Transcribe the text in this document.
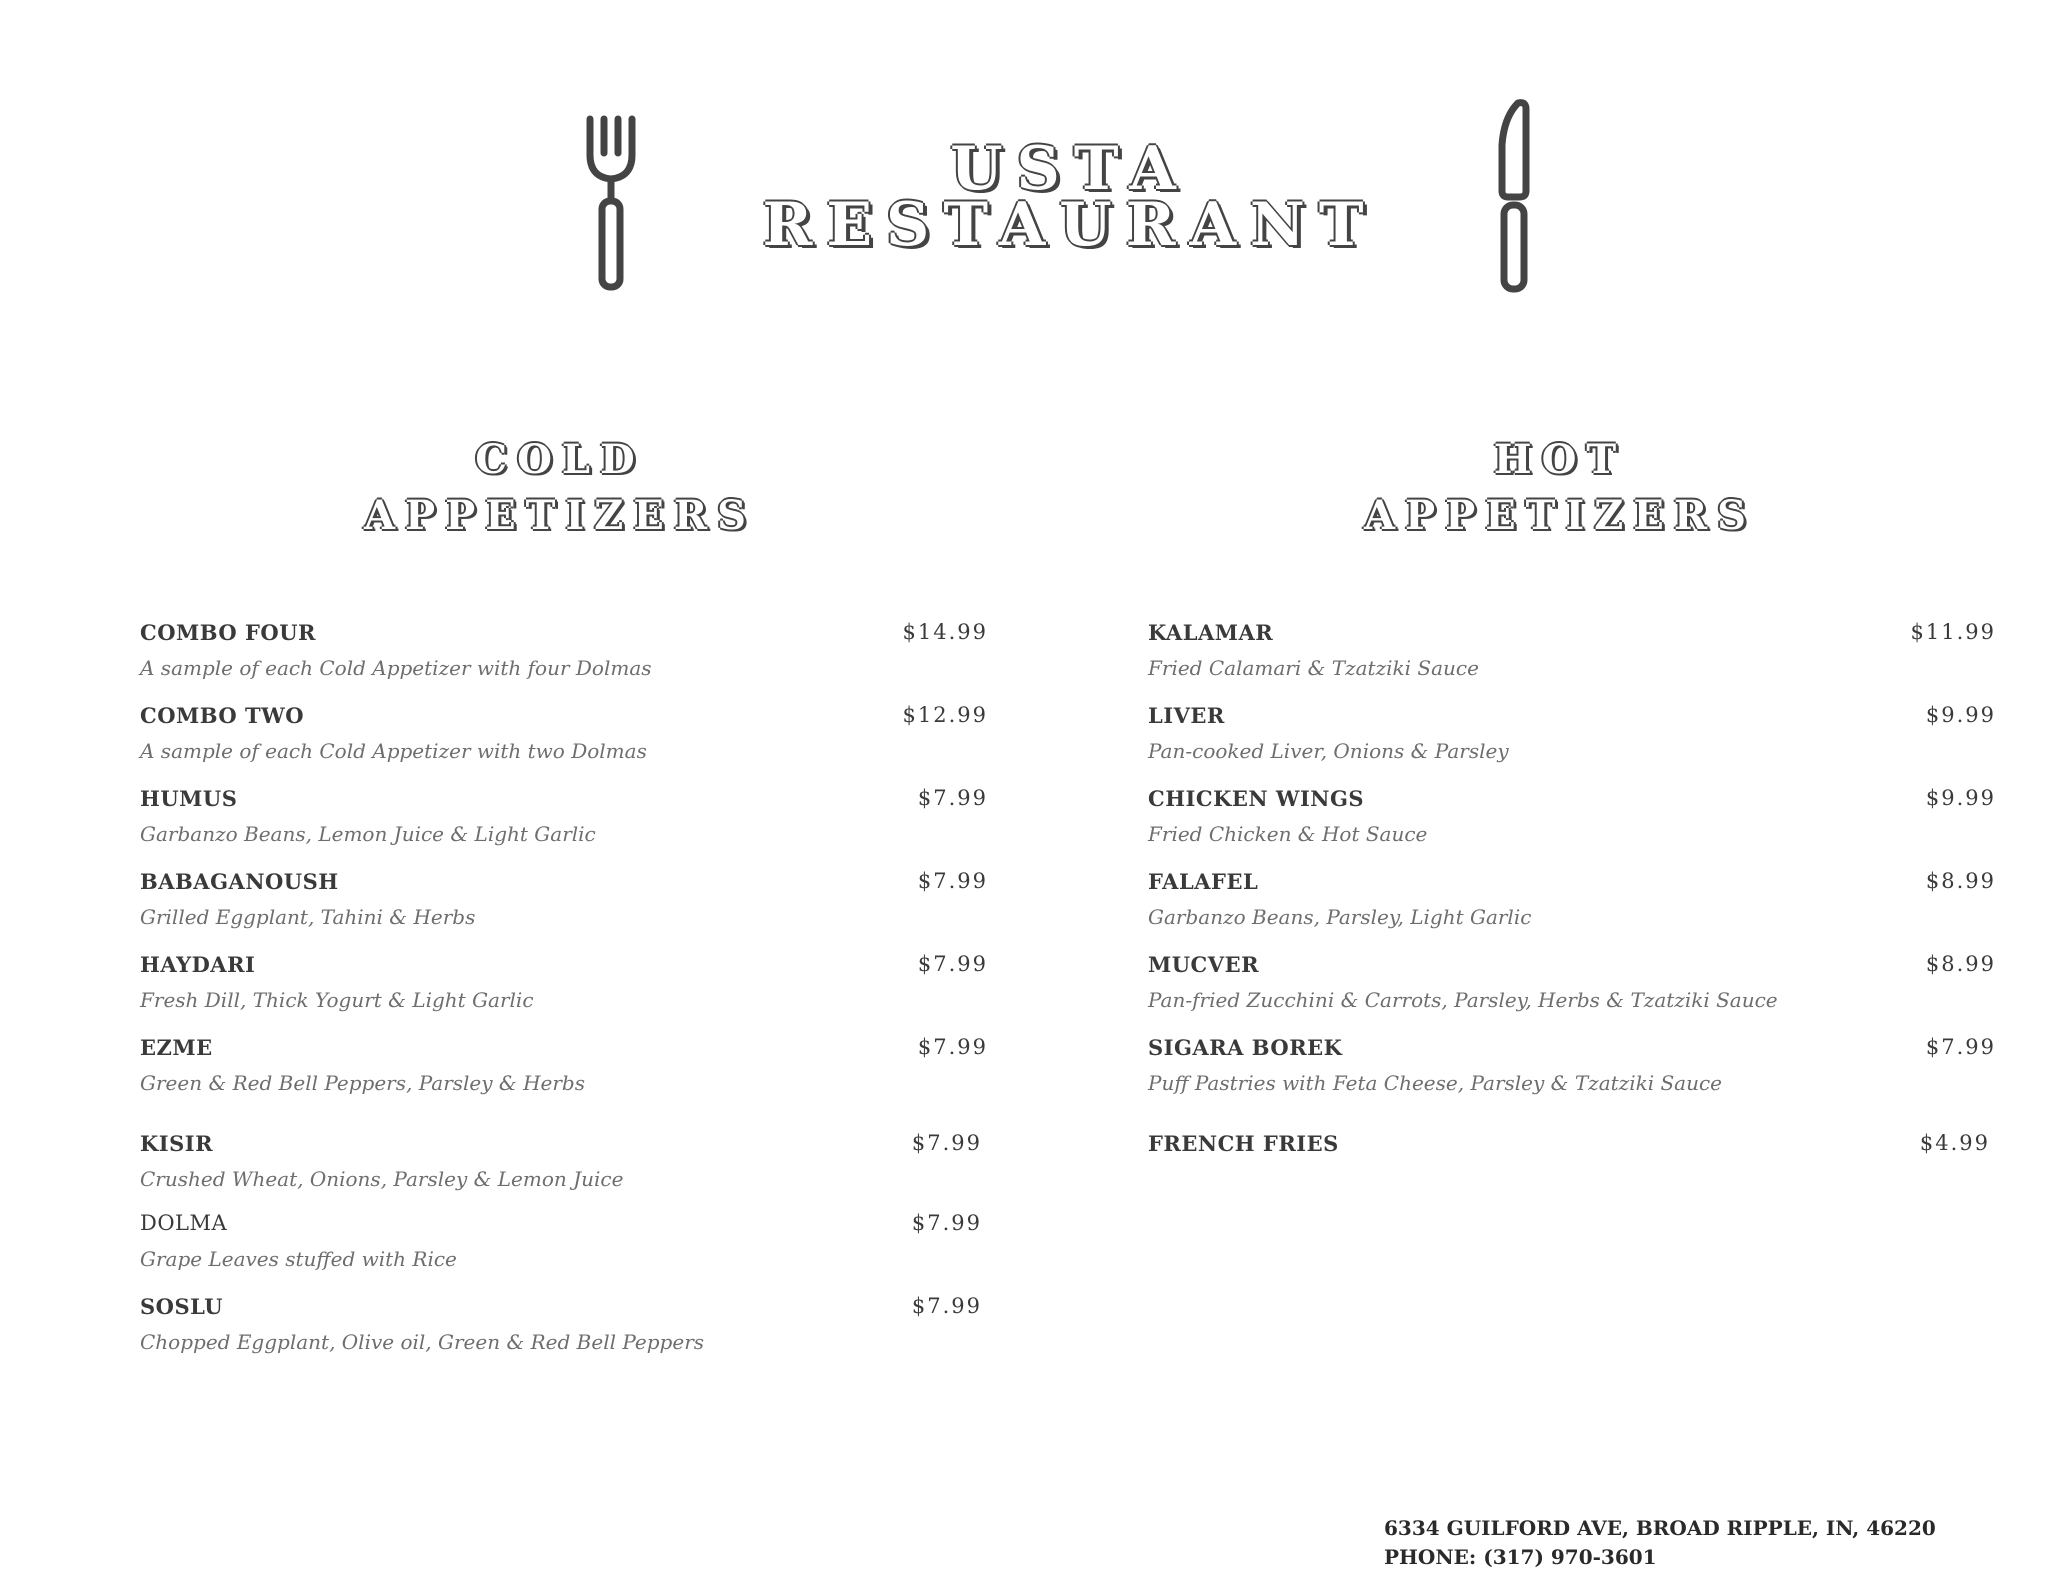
USTA
RESTAURANT
COLD
APPETIZERS
HOT
APPETIZERS
COMBO FOUR	$14.99
A sample of each Cold Appetizer with four Dolmas
COMBO TWO	$12.99
A sample of each Cold Appetizer with two Dolmas
HUMUS	$7.99
Garbanzo Beans, Lemon Juice & Light Garlic
BABAGANOUSH	$7.99
Grilled Eggplant, Tahini & Herbs
HAYDARI	$7.99
Fresh Dill, Thick Yogurt & Light Garlic
EZME	$7.99
Green & Red Bell Peppers, Parsley & Herbs
KISIR	$7.99
Crushed Wheat, Onions, Parsley & Lemon Juice
DOLMA	$7.99
Grape Leaves stuffed with Rice
SOSLU	$7.99
Chopped Eggplant, Olive oil, Green & Red Bell Peppers
KALAMAR	$11.99
Fried Calamari & Tzatziki Sauce
LIVER	$9.99
Pan-cooked Liver, Onions & Parsley
CHICKEN WINGS	$9.99
Fried Chicken & Hot Sauce
FALAFEL	$8.99
Garbanzo Beans, Parsley, Light Garlic
MUCVER	$8.99
Pan-fried Zucchini & Carrots, Parsley, Herbs & Tzatziki Sauce
SIGARA BOREK	$7.99
Puff Pastries with Feta Cheese, Parsley & Tzatziki Sauce
FRENCH FRIES	$4.99
6334 GUILFORD AVE, BROAD RIPPLE, IN, 46220
PHONE: (317) 970-3601
